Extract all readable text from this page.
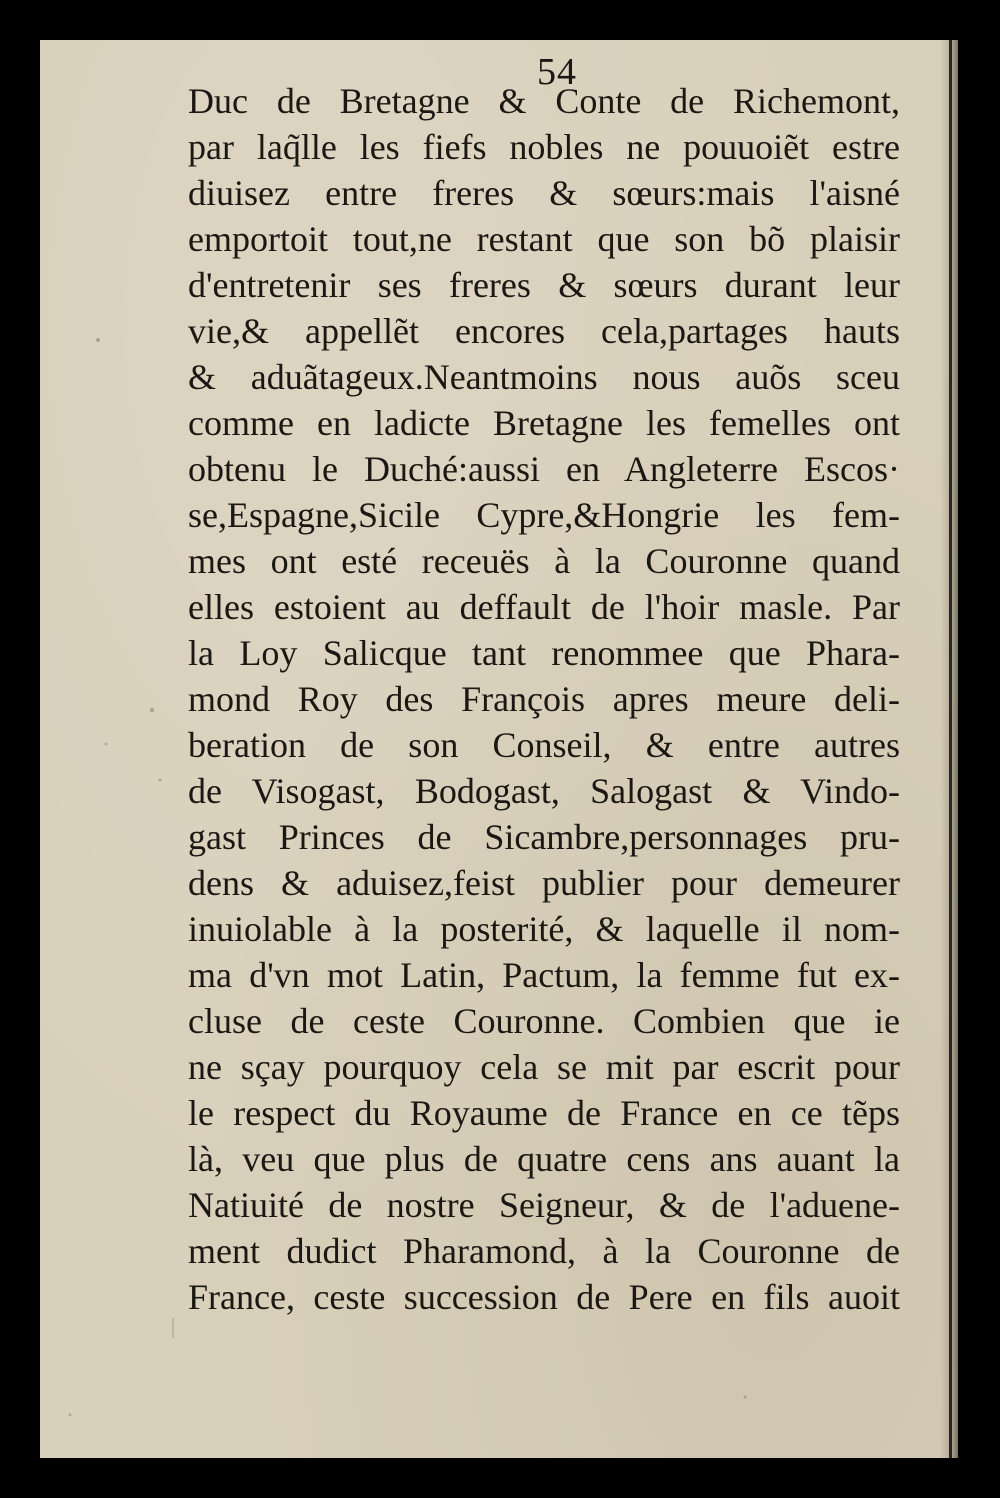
54
Duc de Bretagne & Conte de Richemont,
par laq̃lle les fiefs nobles ne pouuoiẽt estre
diuisez entre freres & sœurs:mais l'aisné
emportoit tout,ne restant que son bõ plaisir
d'entretenir ses freres & sœurs durant leur
vie,& appellẽt encores cela,partages hauts
& aduãtageux.Neantmoins nous auõs sceu
comme en ladicte Bretagne les femelles ont
obtenu le Duché:aussi en Angleterre Escos·
se,Espagne,Sicile Cypre,&Hongrie les fem-
mes ont esté receuës à la Couronne quand
elles estoient au deffault de l'hoir masle. Par
la Loy Salicque tant renommee que Phara-
mond Roy des François apres meure deli-
beration de son Conseil, & entre autres
de Visogast, Bodogast, Salogast & Vindo-
gast Princes de Sicambre,personnages pru-
dens & aduisez,feist publier pour demeurer
inuiolable à la posterité, & laquelle il nom-
ma d'vn mot Latin, Pactum, la femme fut ex-
cluse de ceste Couronne. Combien que ie
ne sçay pourquoy cela se mit par escrit pour
le respect du Royaume de France en ce tẽps
là, veu que plus de quatre cens ans auant la
Natiuité de nostre Seigneur, & de l'aduene-
ment dudict Pharamond, à la Couronne de
France, ceste succession de Pere en fils auoit
